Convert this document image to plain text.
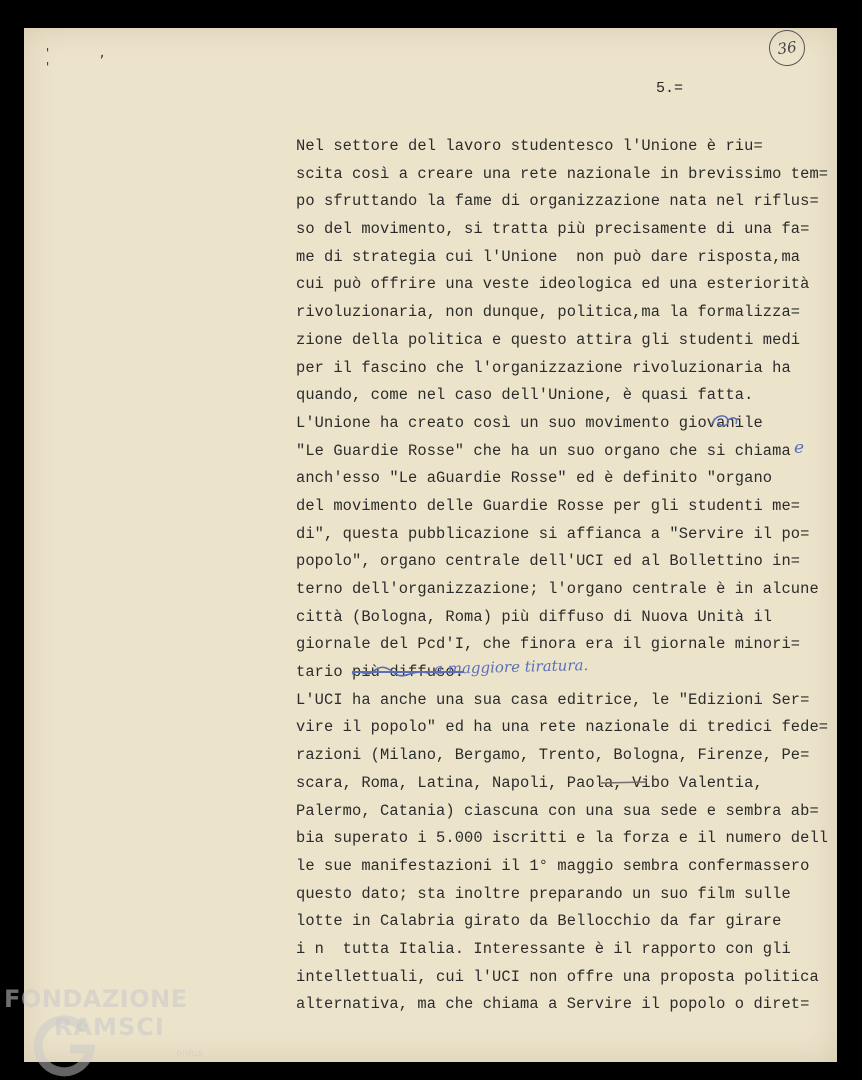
' , '
36
5.=
Nel settore del lavoro studentesco l'Unione è riu=
scita così a creare una rete nazionale in brevissimo tem=
po sfruttando la fame di organizzazione nata nel riflus=
so del movimento, si tratta più precisamente di una fa=
me di strategia cui l'Unione  non può dare risposta,ma
cui può offrire una veste ideologica ed una esteriorità
rivoluzionaria, non dunque, politica,ma la formalizza=
zione della politica e questo attira gli studenti medi
per il fascino che l'organizzazione rivoluzionaria ha
quando, come nel caso dell'Unione, è quasi fatta.
L'Unione ha creato così un suo movimento giovanile
"Le Guardie Rosse" che ha un suo organo che si chiama
anch'esso "Le aGuardie Rosse" ed è definito "organo
del movimento delle Guardie Rosse per gli studenti me=
di", questa pubblicazione si affianca a "Servire il po=
popolo", organo centrale dell'UCI ed al Bollettino in=
terno dell'organizzazione; l'organo centrale è in alcune
città (Bologna, Roma) più diffuso di Nuova Unità il
giornale del Pcd'I, che finora era il giornale minori=
tario più diffuso.
L'UCI ha anche una sua casa editrice, le "Edizioni Ser=
vire il popolo" ed ha una rete nazionale di tredici fede=
razioni (Milano, Bergamo, Trento, Bologna, Firenze, Pe=
scara, Roma, Latina, Napoli, Paola, Vibo Valentia,
Palermo, Catania) ciascuna con una sua sede e sembra ab=
bia superato i 5.000 iscritti e la forza e il numero dell
le sue manifestazioni il 1° maggio sembra confermassero
questo dato; sta inoltre preparando un suo film sulle
lotte in Calabria girato da Bellocchio da far girare
i n  tutta Italia. Interessante è il rapporto con gli
intellettuali, cui l'UCI non offre una proposta politica
alternativa, ma che chiama a Servire il popolo o diret=
a maggiore tiratura.
e
FONDAZIONE
RAMSCI
onlus
